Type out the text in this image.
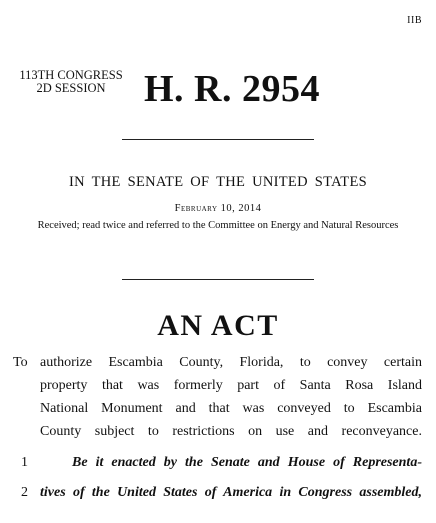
IIB
113TH CONGRESS
2D SESSION	H. R. 2954
IN THE SENATE OF THE UNITED STATES
February 10, 2014
Received; read twice and referred to the Committee on Energy and Natural Resources
AN ACT
To authorize Escambia County, Florida, to convey certain
property that was formerly part of Santa Rosa Island
National Monument and that was conveyed to Escambia
County subject to restrictions on use and reconveyance.
1	Be it enacted by the Senate and House of Representa-
2 tives of the United States of America in Congress assembled,
